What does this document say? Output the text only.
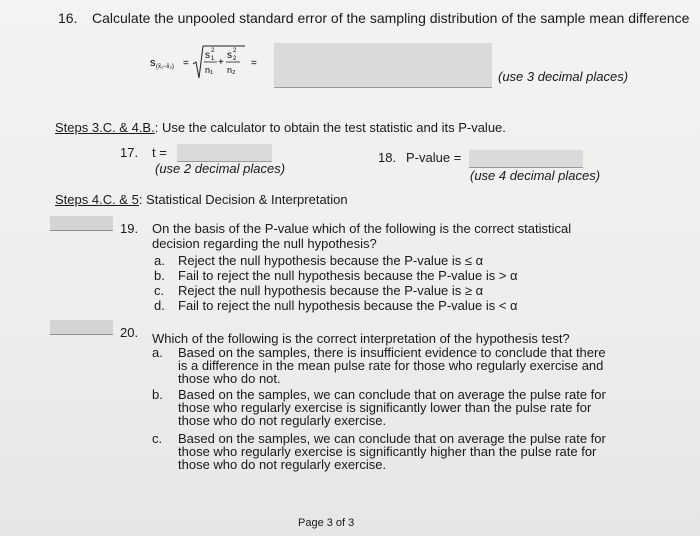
16. Calculate the unpooled standard error of the sampling distribution of the sample mean difference
s (x̄₁−x̄₂) =
s 1
2
n₁
+
s 2
2
n₂
=
(use 3 decimal places)
Steps 3.C. & 4.B.: Use the calculator to obtain the test statistic and its P-value.
17. t =
(use 2 decimal places)
18. P-value =
(use 4 decimal places)
Steps 4.C. & 5: Statistical Decision & Interpretation
19. On the basis of the P-value which of the following is the correct statistical
decision regarding the null hypothesis?
a. Reject the null hypothesis because the P-value is ≤ α
b. Fail to reject the null hypothesis because the P-value is > α
c. Reject the null hypothesis because the P-value is ≥ α
d. Fail to reject the null hypothesis because the P-value is < α
20. Which of the following is the correct interpretation of the hypothesis test?
a. Based on the samples, there is insufficient evidence to conclude that there
is a difference in the mean pulse rate for those who regularly exercise and
those who do not.
b. Based on the samples, we can conclude that on average the pulse rate for
those who regularly exercise is significantly lower than the pulse rate for
those who do not regularly exercise.
c. Based on the samples, we can conclude that on average the pulse rate for
those who regularly exercise is significantly higher than the pulse rate for
those who do not regularly exercise.
Page 3 of 3
